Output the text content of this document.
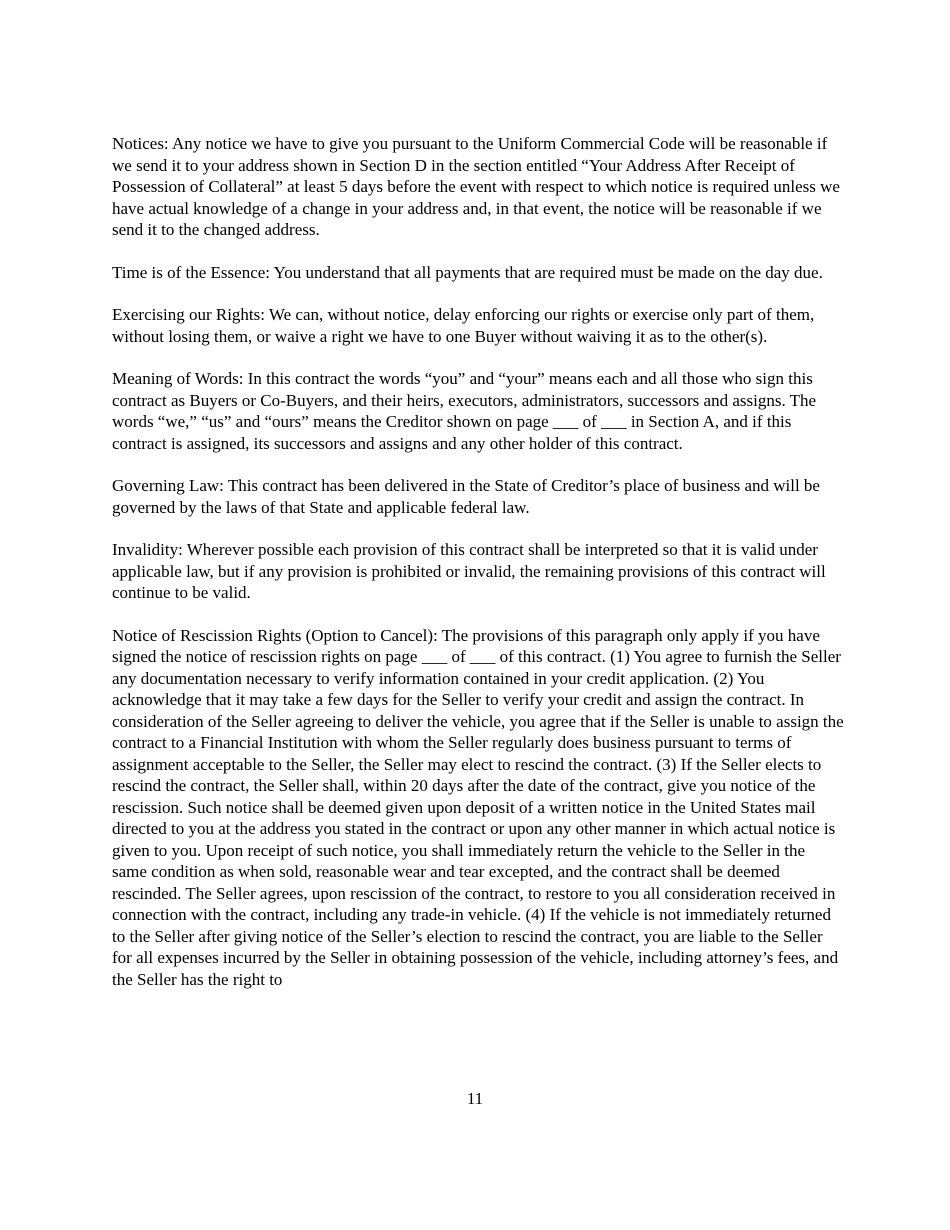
Notices: Any notice we have to give you pursuant to the Uniform Commercial Code will be reasonable if we send it to your address shown in Section D in the section entitled “Your Address After Receipt of Possession of Collateral” at least 5 days before the event with respect to which notice is required unless we have actual knowledge of a change in your address and, in that event, the notice will be reasonable if we send it to the changed address.

Time is of the Essence: You understand that all payments that are required must be made on the day due.

Exercising our Rights: We can, without notice, delay enforcing our rights or exercise only part of them, without losing them, or waive a right we have to one Buyer without waiving it as to the other(s).

Meaning of Words: In this contract the words “you” and “your” means each and all those who sign this contract as Buyers or Co-Buyers, and their heirs, executors, administrators, successors and assigns. The words “we,” “us” and “ours” means the Creditor shown on page ___ of ___ in Section A, and if this contract is assigned, its successors and assigns and any other holder of this contract.

Governing Law: This contract has been delivered in the State of Creditor’s place of business and will be governed by the laws of that State and applicable federal law.

Invalidity: Wherever possible each provision of this contract shall be interpreted so that it is valid under applicable law, but if any provision is prohibited or invalid, the remaining provisions of this contract will continue to be valid.

Notice of Rescission Rights (Option to Cancel): The provisions of this paragraph only apply if you have signed the notice of rescission rights on page ___ of ___ of this contract. (1) You agree to furnish the Seller any documentation necessary to verify information contained in your credit application. (2) You acknowledge that it may take a few days for the Seller to verify your credit and assign the contract. In consideration of the Seller agreeing to deliver the vehicle, you agree that if the Seller is unable to assign the contract to a Financial Institution with whom the Seller regularly does business pursuant to terms of assignment acceptable to the Seller, the Seller may elect to rescind the contract. (3) If the Seller elects to rescind the contract, the Seller shall, within 20 days after the date of the contract, give you notice of the rescission. Such notice shall be deemed given upon deposit of a written notice in the United States mail directed to you at the address you stated in the contract or upon any other manner in which actual notice is given to you. Upon receipt of such notice, you shall immediately return the vehicle to the Seller in the same condition as when sold, reasonable wear and tear excepted, and the contract shall be deemed rescinded. The Seller agrees, upon rescission of the contract, to restore to you all consideration received in connection with the contract, including any trade-in vehicle. (4) If the vehicle is not immediately returned to the Seller after giving notice of the Seller’s election to rescind the contract, you are liable to the Seller for all expenses incurred by the Seller in obtaining possession of the vehicle, including attorney’s fees, and the Seller has the right to

11
